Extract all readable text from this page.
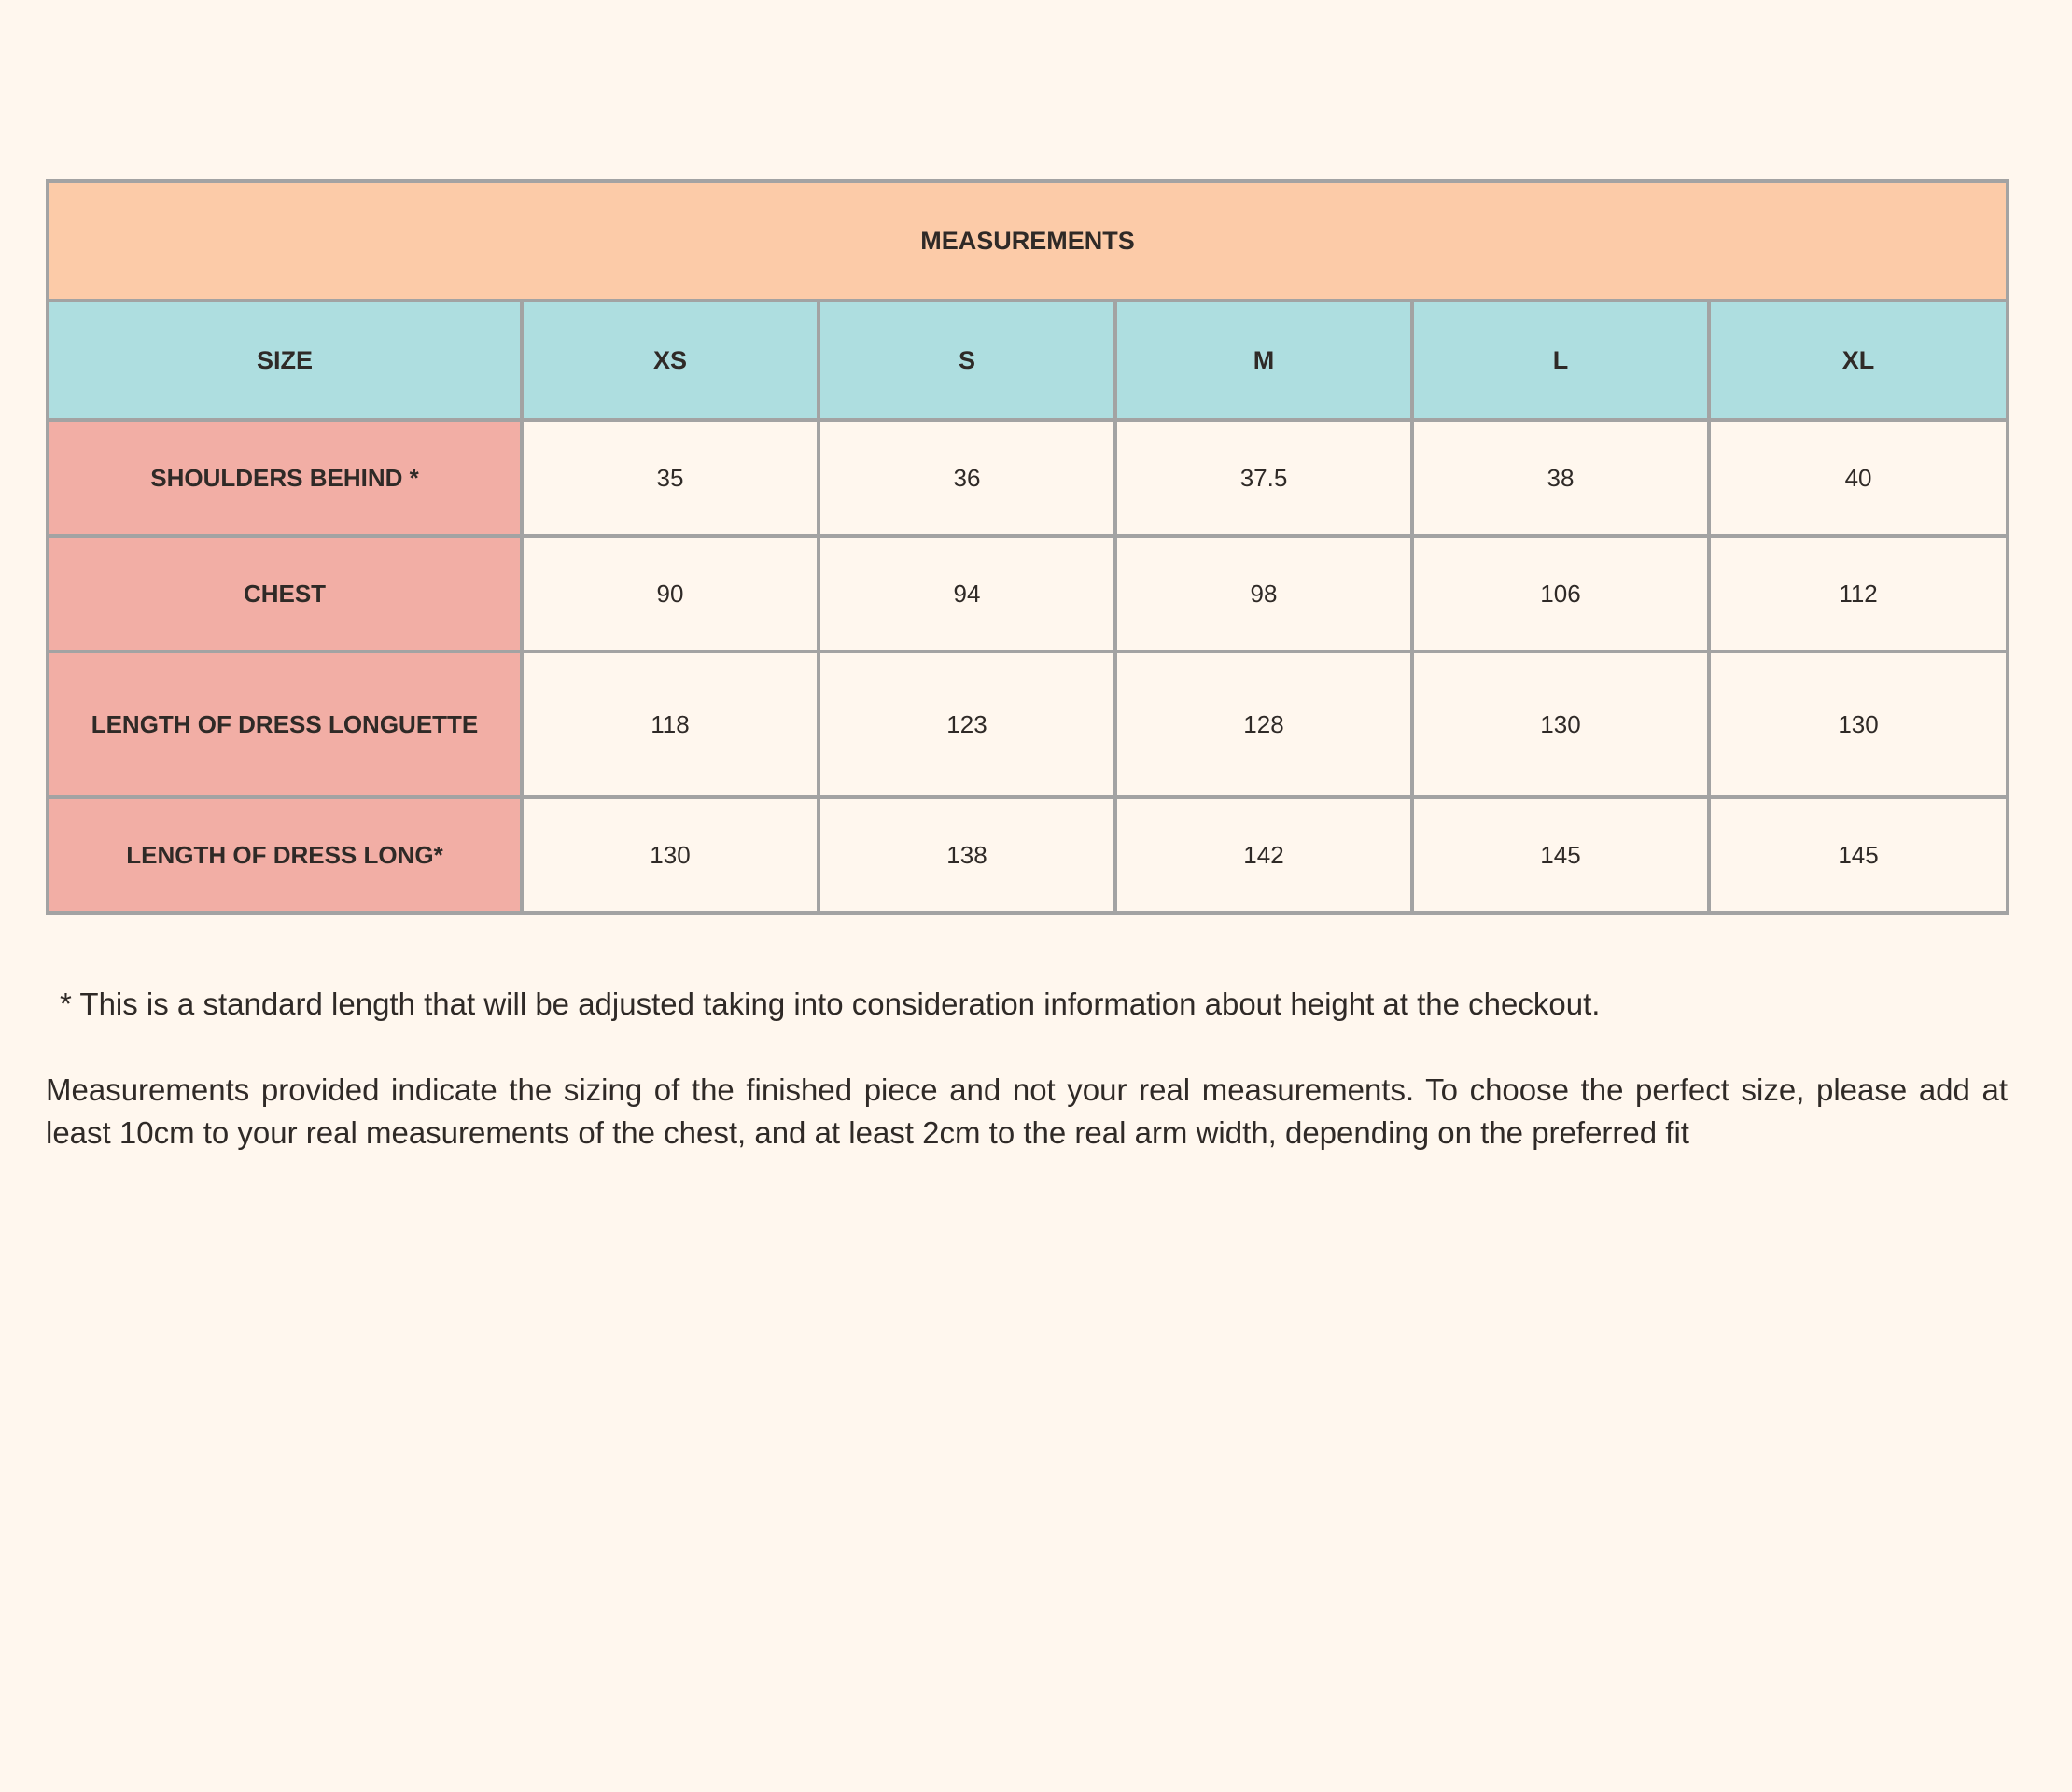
MEASUREMENTS					
SIZE	XS	S	M	L	XL
SHOULDERS BEHIND *	35	36	37.5	38	40
CHEST	90	94	98	106	112
LENGTH OF DRESS LONGUETTE	118	123	128	130	130
LENGTH OF DRESS LONG*	130	138	142	145	145

* This is a standard length that will be adjusted taking into consideration information about height at the checkout.

Measurements provided indicate the sizing of the finished piece and not your real measurements. To choose the perfect size, please add at least 10cm to your real measurements of the chest, and at least 2cm to the real arm width, depending on the preferred fit
